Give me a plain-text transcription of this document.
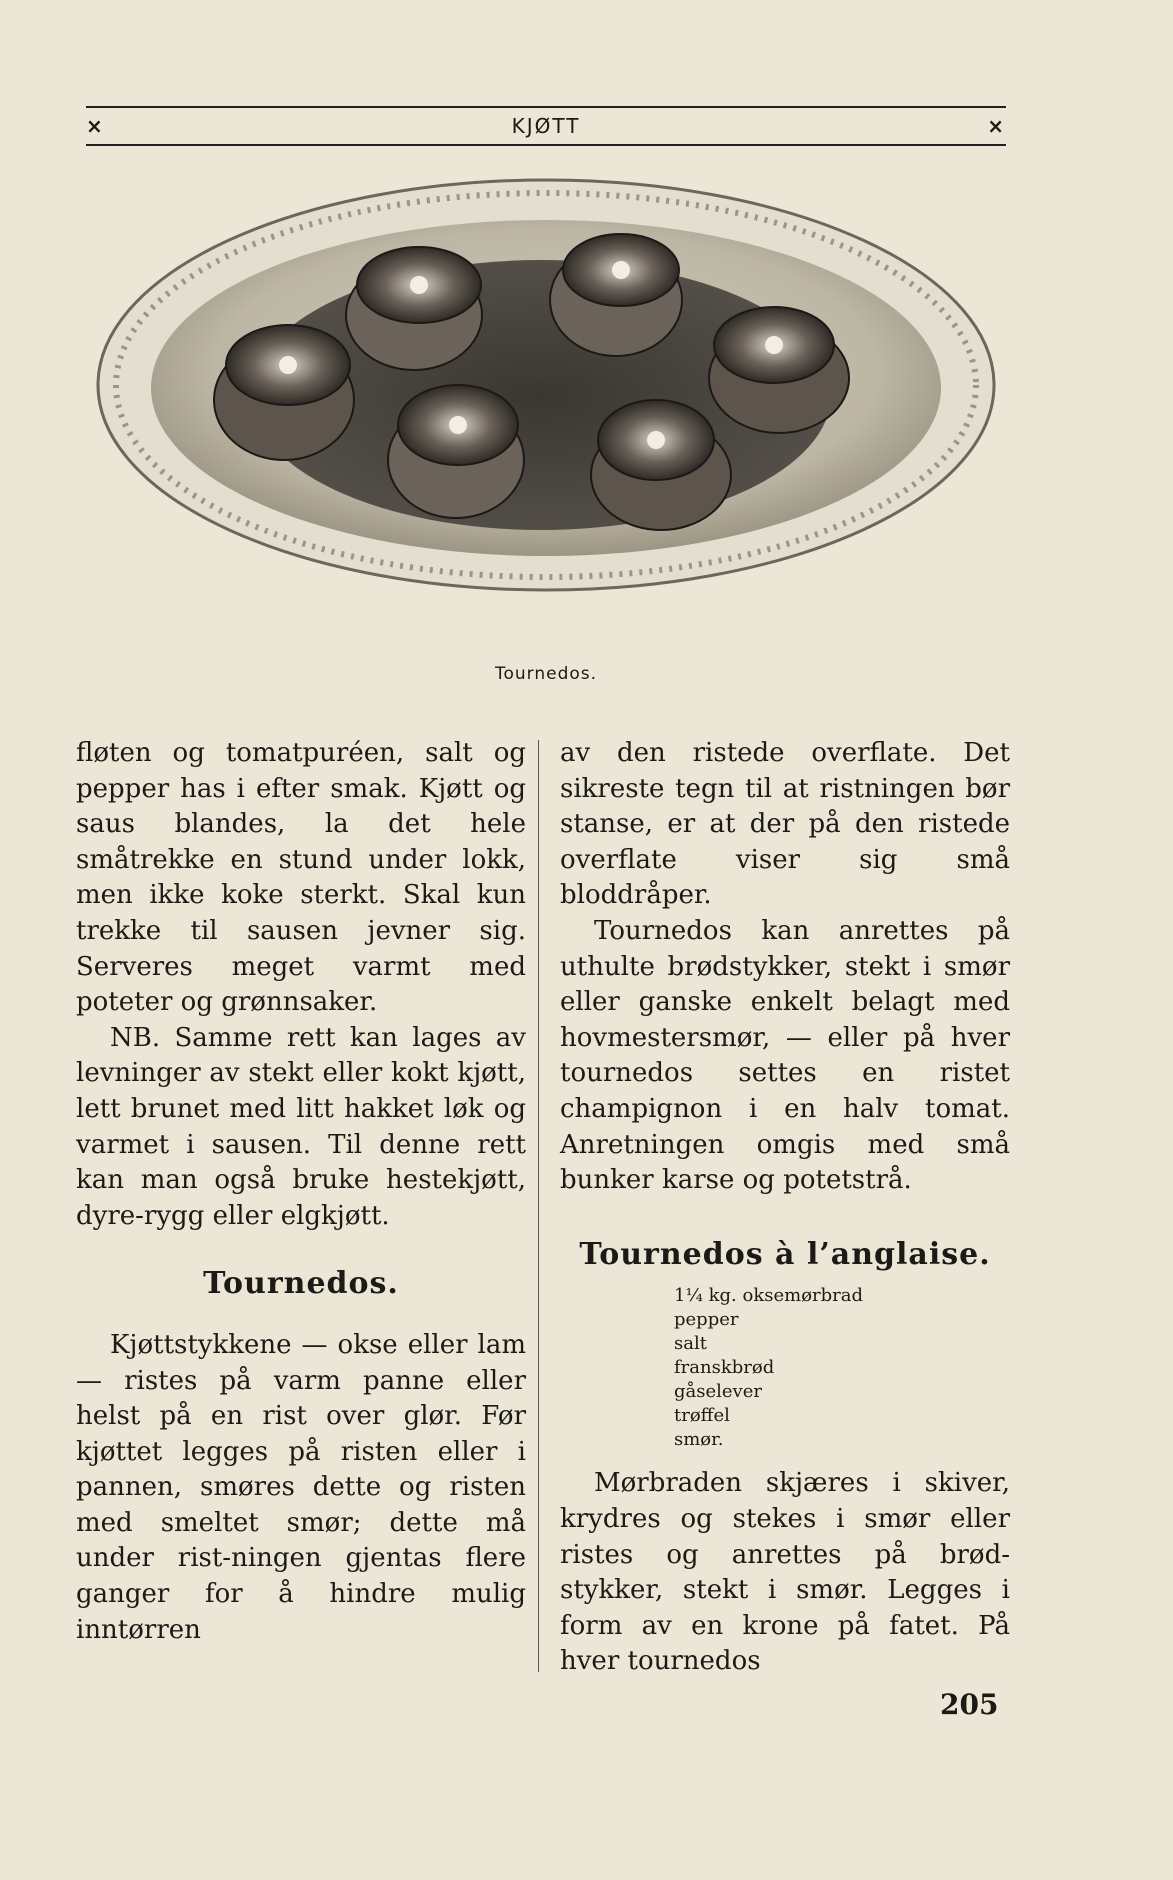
×	KJØTT	×
Tournedos.

fløten og tomatpuréen, salt og pepper has i efter smak. Kjøtt og saus blandes, la det hele småtrekke en stund under lokk, men ikke koke sterkt. Skal kun trekke til sausen jevner sig. Serveres meget varmt med poteter og grønnsaker.

NB. Samme rett kan lages av levninger av stekt eller kokt kjøtt, lett brunet med litt hakket løk og varmet i sausen. Til denne rett kan man også bruke hestekjøtt, dyre-rygg eller elgkjøtt.

Tournedos.

Kjøttstykkene — okse eller lam — ristes på varm panne eller helst på en rist over glør. Før kjøttet legges på risten eller i pannen, smøres dette og risten med smeltet smør; dette må under rist-ningen gjentas flere ganger for å hindre mulig inntørren

av den ristede overflate. Det sikreste tegn til at ristningen bør stanse, er at der på den ristede overflate viser sig små bloddråper.

Tournedos kan anrettes på uthulte brødstykker, stekt i smør eller ganske enkelt belagt med hovmestersmør, — eller på hver tournedos settes en ristet champignon i en halv tomat. Anretningen omgis med små bunker karse og potetstrå.

Tournedos à l’anglaise.
1¼ kg. oksemørbrad
pepper
salt
franskbrød
gåselever
trøffel
smør.

Mørbraden skjæres i skiver, krydres og stekes i smør eller ristes og anrettes på brød-stykker, stekt i smør. Legges i form av en krone på fatet. På hver tournedos

205
